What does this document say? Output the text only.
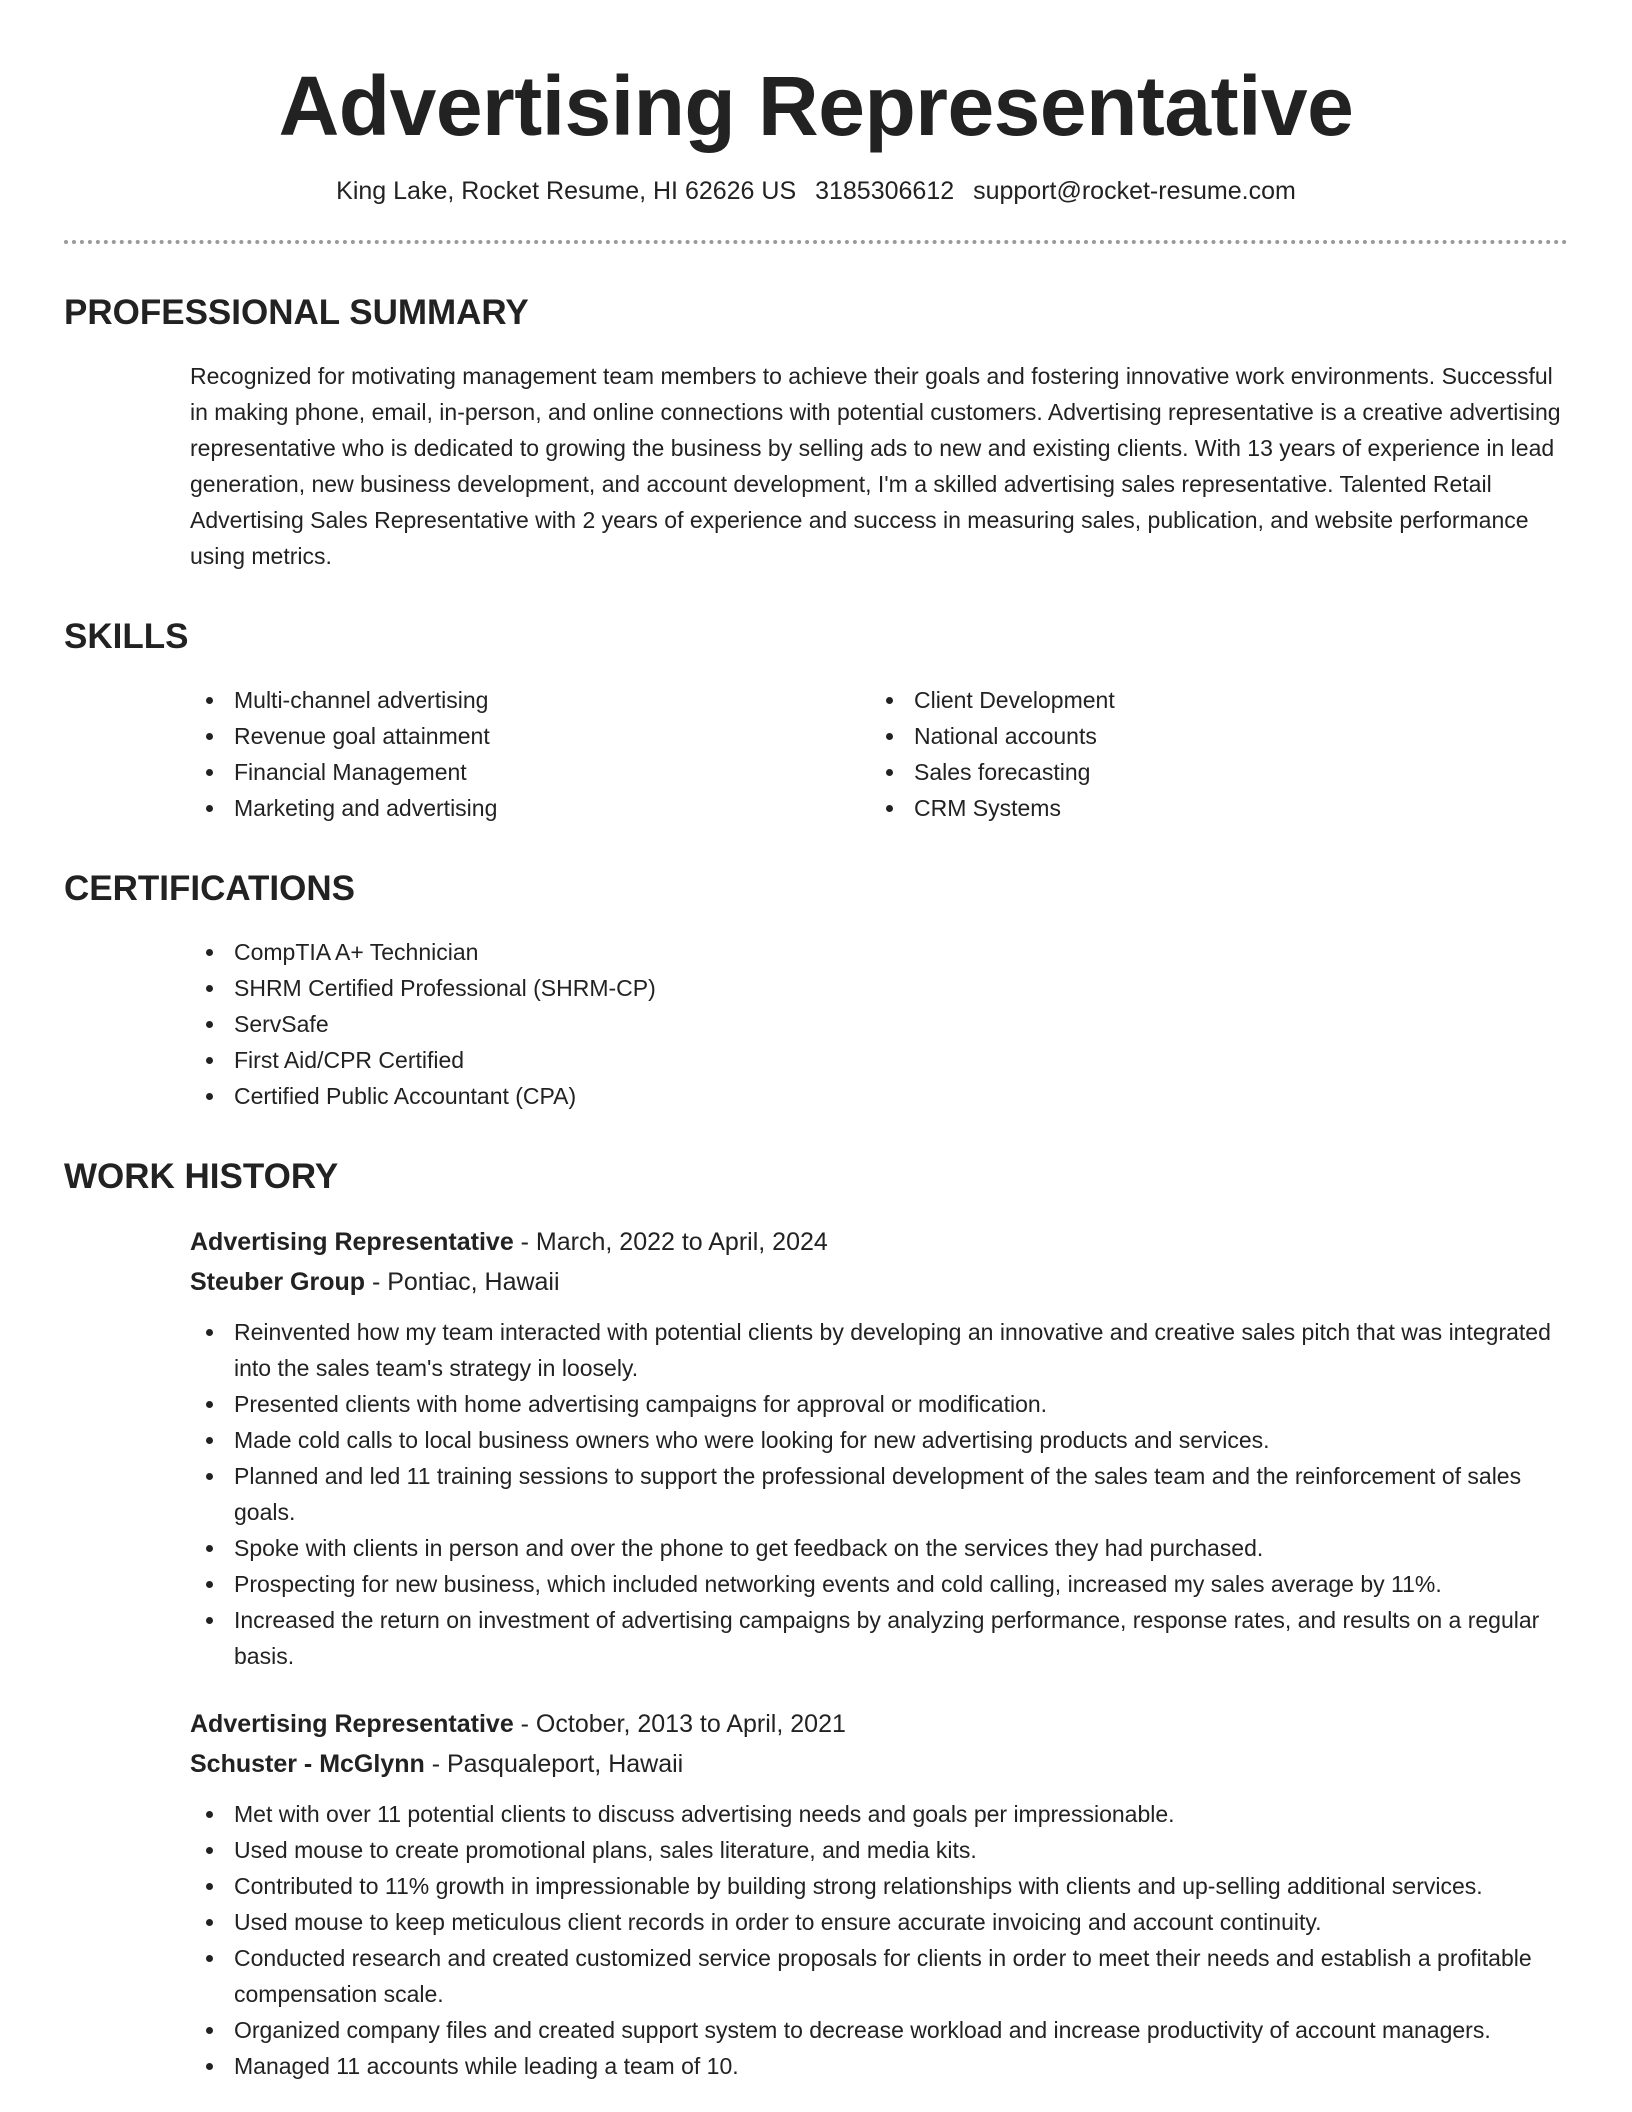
Advertising Representative
King Lake, Rocket Resume, HI 62626 US 3185306612 support@rocket-resume.com
PROFESSIONAL SUMMARY
Recognized for motivating management team members to achieve their goals and fostering innovative work environments. Successful in making phone, email, in-person, and online connections with potential customers. Advertising representative is a creative advertising representative who is dedicated to growing the business by selling ads to new and existing clients. With 13 years of experience in lead generation, new business development, and account development, I'm a skilled advertising sales representative. Talented Retail Advertising Sales Representative with 2 years of experience and success in measuring sales, publication, and website performance using metrics.
SKILLS
Multi-channel advertising
Revenue goal attainment
Financial Management
Marketing and advertising
Client Development
National accounts
Sales forecasting
CRM Systems
CERTIFICATIONS
CompTIA A+ Technician
SHRM Certified Professional (SHRM-CP)
ServSafe
First Aid/CPR Certified
Certified Public Accountant (CPA)
WORK HISTORY
Advertising Representative - March, 2022 to April, 2024
Steuber Group - Pontiac, Hawaii
Reinvented how my team interacted with potential clients by developing an innovative and creative sales pitch that was integrated into the sales team's strategy in loosely.
Presented clients with home advertising campaigns for approval or modification.
Made cold calls to local business owners who were looking for new advertising products and services.
Planned and led 11 training sessions to support the professional development of the sales team and the reinforcement of sales goals.
Spoke with clients in person and over the phone to get feedback on the services they had purchased.
Prospecting for new business, which included networking events and cold calling, increased my sales average by 11%.
Increased the return on investment of advertising campaigns by analyzing performance, response rates, and results on a regular basis.
Advertising Representative - October, 2013 to April, 2021
Schuster - McGlynn - Pasqualeport, Hawaii
Met with over 11 potential clients to discuss advertising needs and goals per impressionable.
Used mouse to create promotional plans, sales literature, and media kits.
Contributed to 11% growth in impressionable by building strong relationships with clients and up-selling additional services.
Used mouse to keep meticulous client records in order to ensure accurate invoicing and account continuity.
Conducted research and created customized service proposals for clients in order to meet their needs and establish a profitable compensation scale.
Organized company files and created support system to decrease workload and increase productivity of account managers.
Managed 11 accounts while leading a team of 10.
